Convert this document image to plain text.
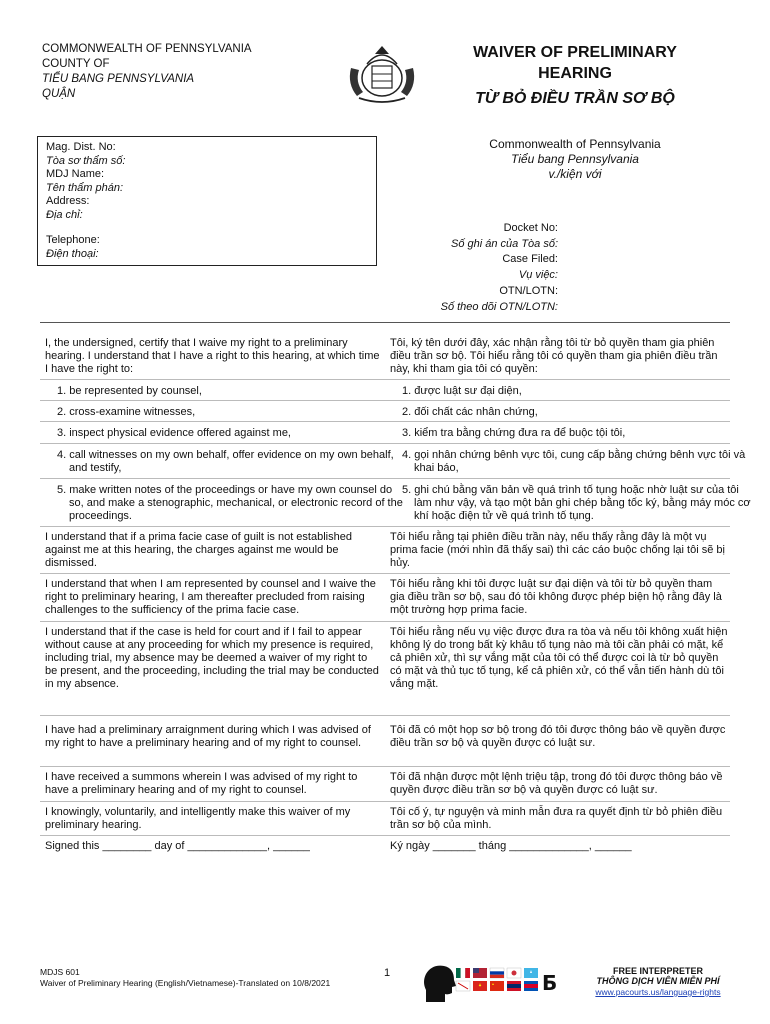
COMMONWEALTH OF PENNSYLVANIA
COUNTY OF
TIỂU BANG PENNSYLVANIA
QUẬN
WAIVER OF PRELIMINARY
HEARING
TỪ BỎ ĐIỀU TRẦN SƠ BỘ
Mag. Dist. No:
Tòa sơ thẩm số:
MDJ Name:
Tên thẩm phán:
Address:
Địa chỉ:
Telephone:
Điện thoại:
Commonwealth of Pennsylvania
Tiểu bang Pennsylvania
v./kiện với
Docket No:
Số ghi án của Tòa số:
Case Filed:
Vụ việc:
OTN/LOTN:
Số theo dõi OTN/LOTN:
I, the undersigned, certify that I waive my right to a preliminary hearing. I understand that I have a right to this hearing, at which time I have the right to:
1. be represented by counsel,
2. cross-examine witnesses,
3. inspect physical evidence offered against me,
4. call witnesses on my own behalf, offer evidence on my own behalf, and testify,
5. make written notes of the proceedings or have my own counsel do so, and make a stenographic, mechanical, or electronic record of the proceedings.
I understand that if a prima facie case of guilt is not established against me at this hearing, the charges against me would be dismissed.
I understand that when I am represented by counsel and I waive the right to preliminary hearing, I am thereafter precluded from raising challenges to the sufficiency of the prima facie case.
I understand that if the case is held for court and if I fail to appear without cause at any proceeding for which my presence is required, including trial, my absence may be deemed a waiver of my right to be present, and the proceeding, including the trial may be conducted in my absence.
I have had a preliminary arraignment during which I was advised of my right to have a preliminary hearing and of my right to counsel.
I have received a summons wherein I was advised of my right to have a preliminary hearing and of my right to counsel.
I knowingly, voluntarily, and intelligently make this waiver of my preliminary hearing.
Signed this ________ day of _____________, ______
Tôi, ký tên dưới đây, xác nhận rằng tôi từ bỏ quyền tham gia phiên điều trần sơ bộ. Tôi hiểu rằng tôi có quyền tham gia phiên điều trần này, khi tham gia tôi có quyền:
1. được luật sư đại diện,
2. đối chất các nhân chứng,
3. kiểm tra bằng chứng đưa ra để buộc tội tôi,
4. gọi nhân chứng bênh vực tôi, cung cấp bằng chứng bênh vực tôi và khai báo,
5. ghi chú bằng văn bản về quá trình tố tụng hoặc nhờ luật sư của tôi làm như vậy, và tạo một bản ghi chép bằng tốc ký, bằng máy móc cơ khí hoặc điện tử về quá trình tố tụng.
Tôi hiểu rằng tại phiên điều trần này, nếu thấy rằng đây là một vụ prima facie (mới nhìn đã thấy sai) thì các cáo buộc chống lại tôi sẽ bị hủy.
Tôi hiểu rằng khi tôi được luật sư đại diện và tôi từ bỏ quyền tham gia điều trần sơ bộ, sau đó tôi không được phép biện hộ rằng đây là một trường hợp prima facie.
Tôi hiểu rằng nếu vụ việc được đưa ra tòa và nếu tôi không xuất hiện không lý do trong bất kỳ khâu tố tụng nào mà tôi cần phải có mặt, kể cả phiên xử, thì sự vắng mặt của tôi có thể được coi là từ bỏ quyền có mặt và thủ tục tố tụng, kể cả phiên xử, có thể vẫn tiến hành dù tôi vắng mặt.
Tôi đã có một họp sơ bộ trong đó tôi được thông báo về quyền được điều trần sơ bộ và quyền được có luật sư.
Tôi đã nhận được một lệnh triệu tập, trong đó tôi được thông báo về quyền được điều trần sơ bộ và quyền được có luật sư.
Tôi cố ý, tự nguyện và minh mẫn đưa ra quyết định từ bỏ phiên điều trần sơ bộ của mình.
Ký ngày _______ tháng _____________, ______
MDJS 601
Waiver of Preliminary Hearing (English/Vietnamese)-Translated on 10/8/2021
1	Б	FREE INTERPRETER
THÔNG DỊCH VIÊN MIỄN PHÍ
www.pacourts.us/language-rights
